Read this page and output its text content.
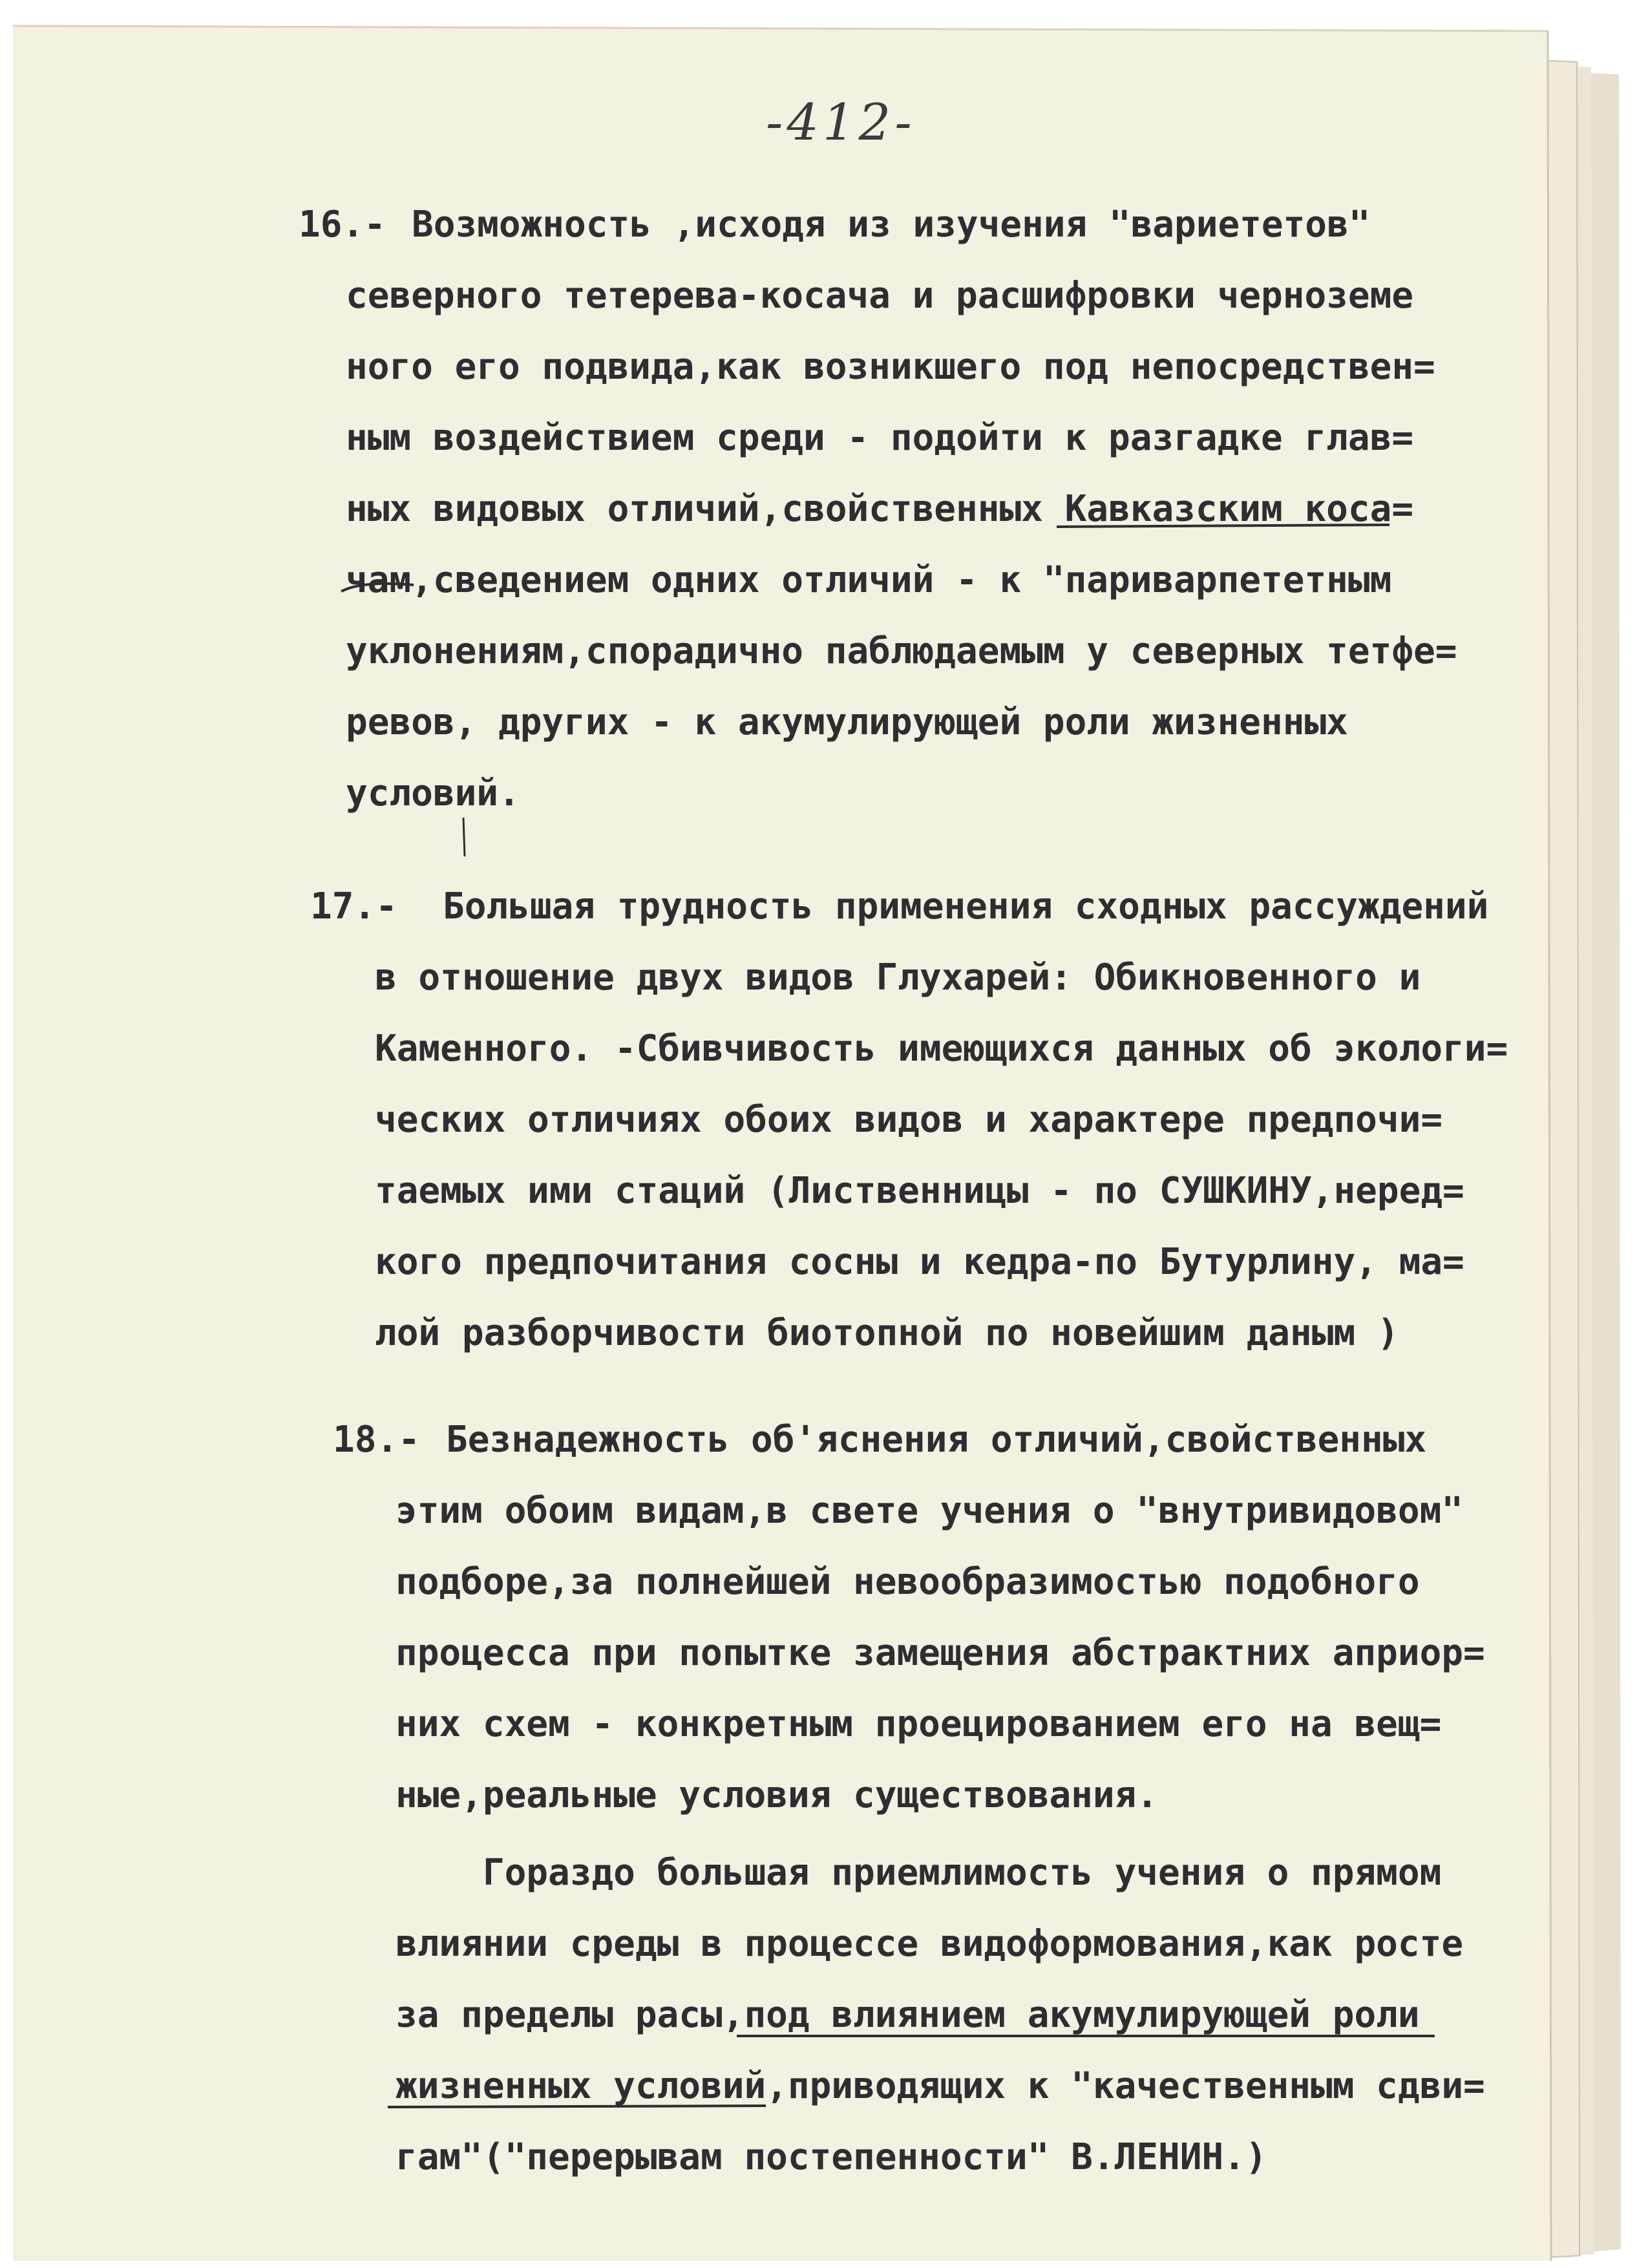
-412-
16.- Возможность ,исходя из изучения "вариететов"
северного тетерева-косача и расшифровки черноземе
ного его подвида,как возникшего под непосредствен=
ным воздействием среди - подойти к разгадке глав=
ных видовых отличий,свойственных Кавказским коса=
чам,сведением одних отличий - к "париварпететным
уклонениям,спорадично паблюдаемым у северных тетфе=
ревов, других - к акумулирующей роли жизненных
условий.
17.- Большая трудность применения сходных рассуждений
в отношение двух видов Глухарей: Обикновенного и
Каменного. -Сбивчивость имеющихся данных об экологи=
ческих отличиях обоих видов и характере предпочи=
таемых ими стаций (Лиственницы - по СУШКИНУ,неред=
кого предпочитания сосны и кедра-по Бутурлину, ма=
лой разборчивости биотопной по новейшим даным )
18.- Безнадежность об'яснения отличий,свойственных
этим обоим видам,в свете учения о "внутривидовом"
подборе,за полнейшей невообразимостью подобного
процесса при попытке замещения абстрактних априор=
них схем - конкретным проецированием его на вещ=
ные,реальные условия существования.
Гораздо большая приемлимость учения о прямом
влиянии среды в процессе видоформования,как росте
за пределы расы,под влиянием акумулирующей роли
жизненных условий,приводящих к "качественным сдви=
гам"("перерывам постепенности" В.ЛЕНИН.)
